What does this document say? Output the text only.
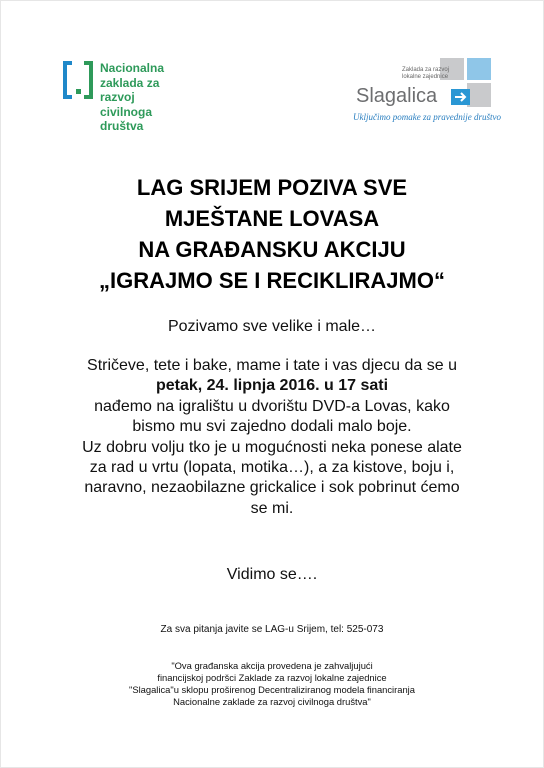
Nacionalna
zaklada za
razvoj
civilnoga
društva
Zaklada za razvoj
lokalne zajednice
Slagalica
Uključimo pomake za pravednije društvo
LAG SRIJEM POZIVA SVE
MJEŠTANE LOVASA
NA GRAĐANSKU AKCIJU
„IGRAJMO SE I RECIKLIRAJMO“
Pozivamo sve velike i male…
Stričeve, tete i bake, mame i tate i vas djecu da se u
petak, 24. lipnja 2016. u 17 sati
nađemo na igralištu u dvorištu DVD-a Lovas, kako
bismo mu svi zajedno dodali malo boje.
Uz dobru volju tko je u mogućnosti neka ponese alate
za rad u vrtu (lopata, motika…), a za kistove, boju i,
naravno, nezaobilazne grickalice i sok pobrinut ćemo
se mi.
Vidimo se….
Za sva pitanja javite se LAG-u Srijem, tel: 525-073
"Ova građanska akcija provedena je zahvaljujući
financijskoj podršci Zaklade za razvoj lokalne zajednice
"Slagalica"u sklopu proširenog Decentraliziranog modela financiranja
Nacionalne zaklade za razvoj civilnoga društva"
